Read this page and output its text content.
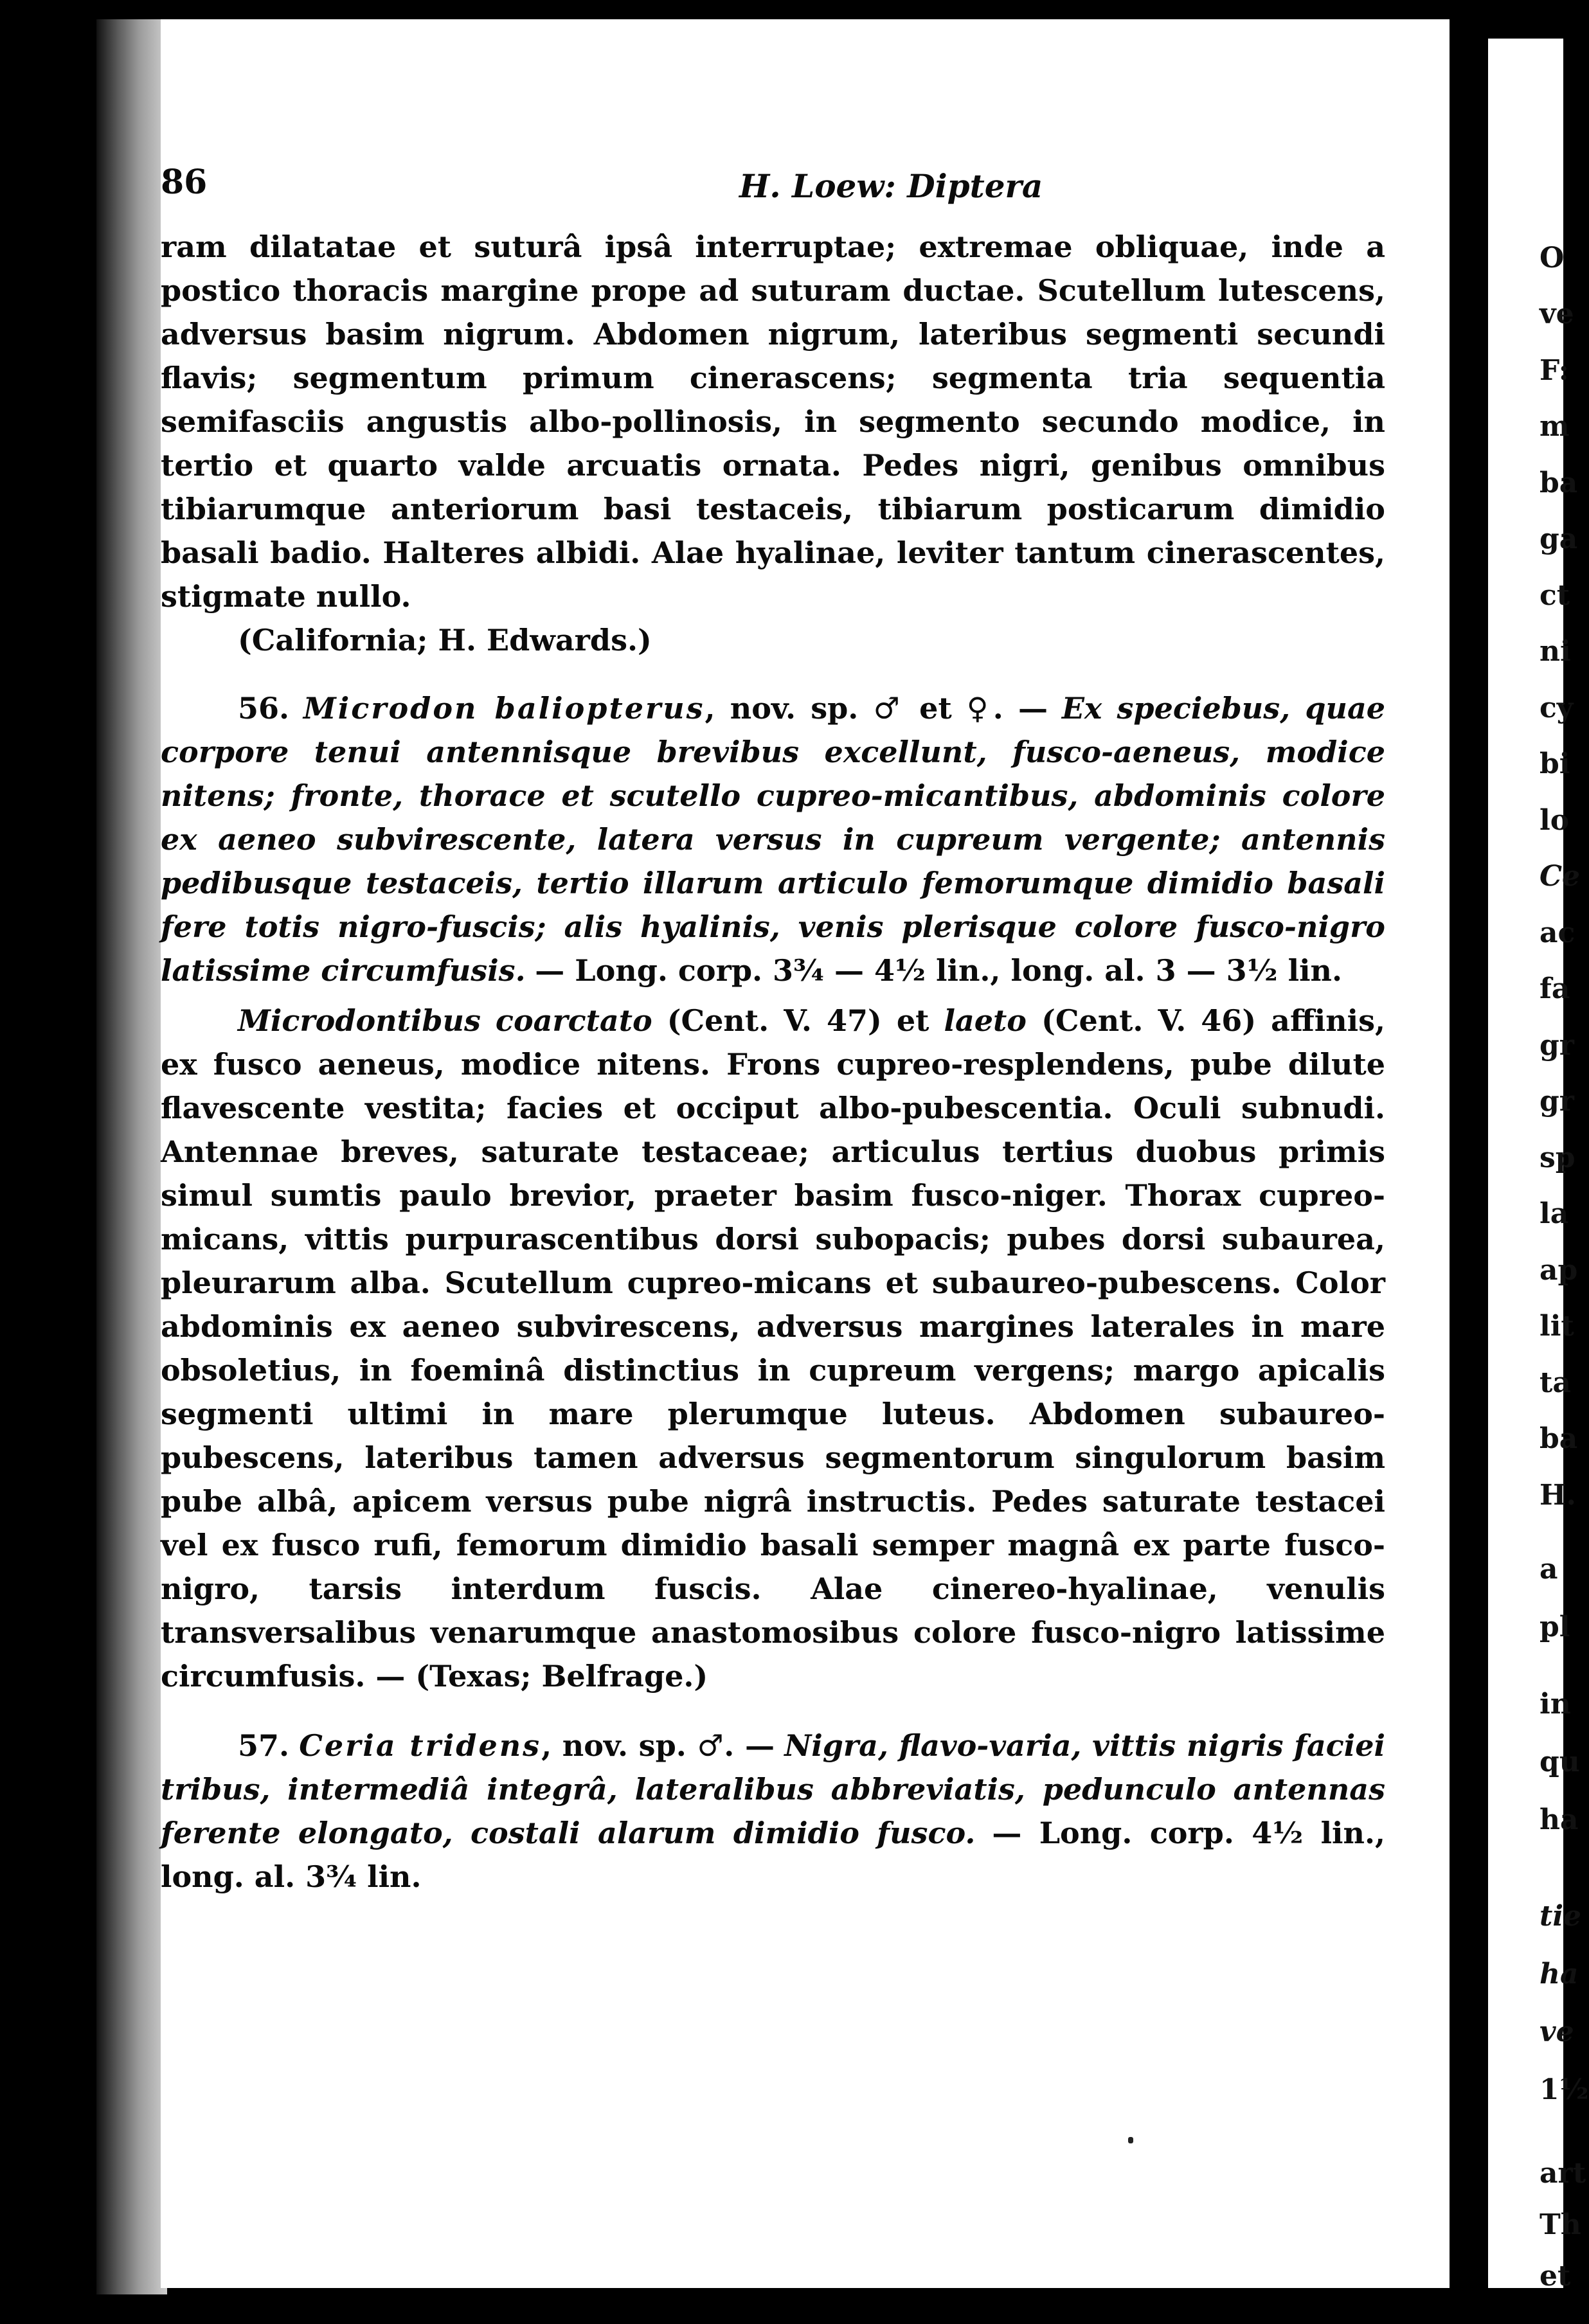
O
ve
F:
m
ba
ga
ct
ni
cy
bi
lo
Ce
ac
fa
gr
gr
sp
la
ap
lit
ta
ba
H.
a
pl
in
qu
ha
tie
ha
ve
1½
art
Th
et
86	H. Loew: Diptera

ram dilatatae et suturâ ipsâ interruptae; extremae obliquae, inde a postico thoracis margine prope ad suturam ductae. Scutellum lutescens, adversus basim nigrum. Abdomen nigrum, lateribus segmenti secundi flavis; segmentum primum cinerascens; segmenta tria sequentia semifasciis angustis albo-pollinosis, in segmento secundo modice, in tertio et quarto valde arcuatis ornata. Pedes nigri, genibus omnibus tibiarumque anteriorum basi testaceis, tibiarum posticarum dimidio basali badio. Halteres albidi. Alae hyalinae, leviter tantum cinerascentes, stigmate nullo.

(California; H. Edwards.)

56. Microdon baliopterus, nov. sp. ♂ et ♀. — Ex speciebus, quae corpore tenui antennisque brevibus excellunt, fusco-aeneus, modice nitens; fronte, thorace et scutello cupreo-micantibus, abdominis colore ex aeneo subvirescente, latera versus in cupreum vergente; antennis pedibusque testaceis, tertio illarum articulo femorumque dimidio basali fere totis nigro-fuscis; alis hyalinis, venis plerisque colore fusco-nigro latissime circumfusis. — Long. corp. 3¾ — 4½ lin., long. al. 3 — 3½ lin.

Microdontibus coarctato (Cent. V. 47) et laeto (Cent. V. 46) affinis, ex fusco aeneus, modice nitens. Frons cupreo-resplendens, pube dilute flavescente vestita; facies et occiput albo-pubescentia. Oculi subnudi. Antennae breves, saturate testaceae; articulus tertius duobus primis simul sumtis paulo brevior, praeter basim fusco-niger. Thorax cupreo-micans, vittis purpurascentibus dorsi subopacis; pubes dorsi subaurea, pleurarum alba. Scutellum cupreo-micans et subaureo-pubescens. Color abdominis ex aeneo subvirescens, adversus margines laterales in mare obsoletius, in foeminâ distinctius in cupreum vergens; margo apicalis segmenti ultimi in mare plerumque luteus. Abdomen subaureo-pubescens, lateribus tamen adversus segmentorum singulorum basim pube albâ, apicem versus pube nigrâ instructis. Pedes saturate testacei vel ex fusco rufi, femorum dimidio basali semper magnâ ex parte fusco-nigro, tarsis interdum fuscis. Alae cinereo-hyalinae, venulis transversalibus venarumque anastomosibus colore fusco-nigro latissime circumfusis. — (Texas; Belfrage.)

57. Ceria tridens, nov. sp. ♂. — Nigra, flavo-varia, vittis nigris faciei tribus, intermediâ integrâ, lateralibus abbreviatis, pedunculo antennas ferente elongato, costali alarum dimidio fusco. — Long. corp. 4½ lin., long. al. 3¾ lin.
